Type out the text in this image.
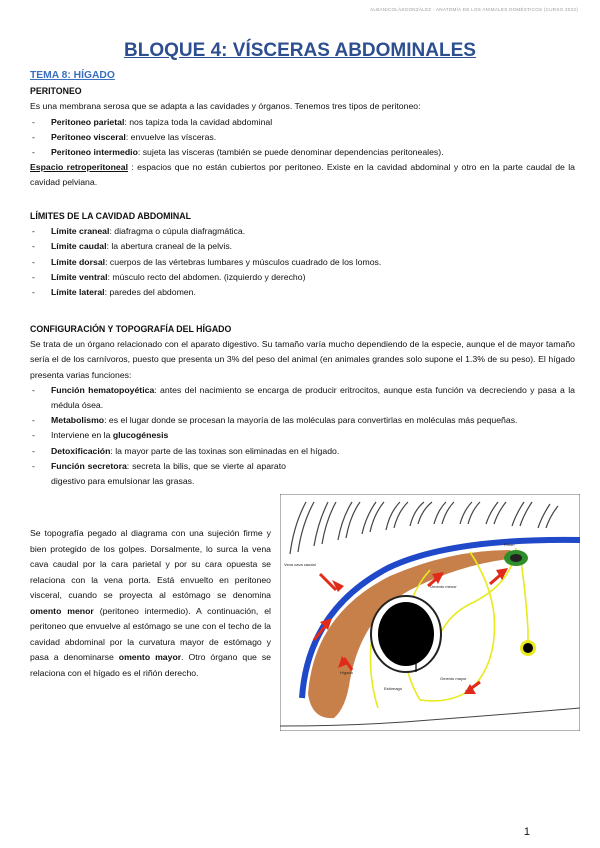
ALBANICOLÁSGONZÁLEZ · ANATOMÍA DE LOS ANIMALES DOMÉSTICOS (CURSO 2022)
BLOQUE 4: VÍSCERAS ABDOMINALES
TEMA 8: HÍGADO
PERITONEO
Es una membrana serosa que se adapta a las cavidades y órganos. Tenemos tres tipos de peritoneo:
- Peritoneo parietal: nos tapiza toda la cavidad abdominal
- Peritoneo visceral: envuelve las vísceras.
- Peritoneo intermedio: sujeta las vísceras (también se puede denominar dependencias peritoneales).
Espacio retroperitoneal : espacios que no están cubiertos por peritoneo. Existe en la cavidad abdominal y otro en la parte caudal de la cavidad pelviana.
LÍMITES DE LA CAVIDAD ABDOMINAL
- Límite craneal: diafragma o cúpula diafragmática.
- Límite caudal: la abertura craneal de la pelvis.
- Límite dorsal: cuerpos de las vértebras lumbares y músculos cuadrado de los lomos.
- Límite ventral: músculo recto del abdomen. (izquierdo y derecho)
- Límite lateral: paredes del abdomen.
CONFIGURACIÓN Y TOPOGRAFÍA DEL HÍGADO
Se trata de un órgano relacionado con el aparato digestivo. Su tamaño varía mucho dependiendo de la especie, aunque el de mayor tamaño sería el de los carnívoros, puesto que presenta un 3% del peso del animal (en animales grandes solo supone el 1.3% de su peso). El hígado presenta varias funciones:
- Función hematopoyética: antes del nacimiento se encarga de producir eritrocitos, aunque esta función va decreciendo y pasa a la médula ósea.
- Metabolismo: es el lugar donde se procesan la mayoría de las moléculas para convertirlas en moléculas más pequeñas.
- Interviene en la glucogénesis
- Detoxificación: la mayor parte de las toxinas son eliminadas en el hígado.
- Función secretora: secreta la bilis, que se vierte al aparato digestivo para emulsionar las grasas.
Se topografía pegado al diagrama con una sujeción firme y bien protegido de los golpes. Dorsalmente, lo surca la vena cava caudal por la cara parietal y por su cara opuesta se relaciona con la vena porta. Está envuelto en peritoneo visceral, cuando se proyecta al estómago se denomina omento menor (peritoneo intermedio). A continuación, el peritoneo que envuelve al estómago se une con el techo de la cavidad abdominal por la curvatura mayor de estómago y pasa a denominarse omento mayor. Otro órgano que se relaciona con el hígado es el riñón derecho.
Riñón
Vena cava caudal
Omento menor
Hígado
Estómago
Omento mayor
1
